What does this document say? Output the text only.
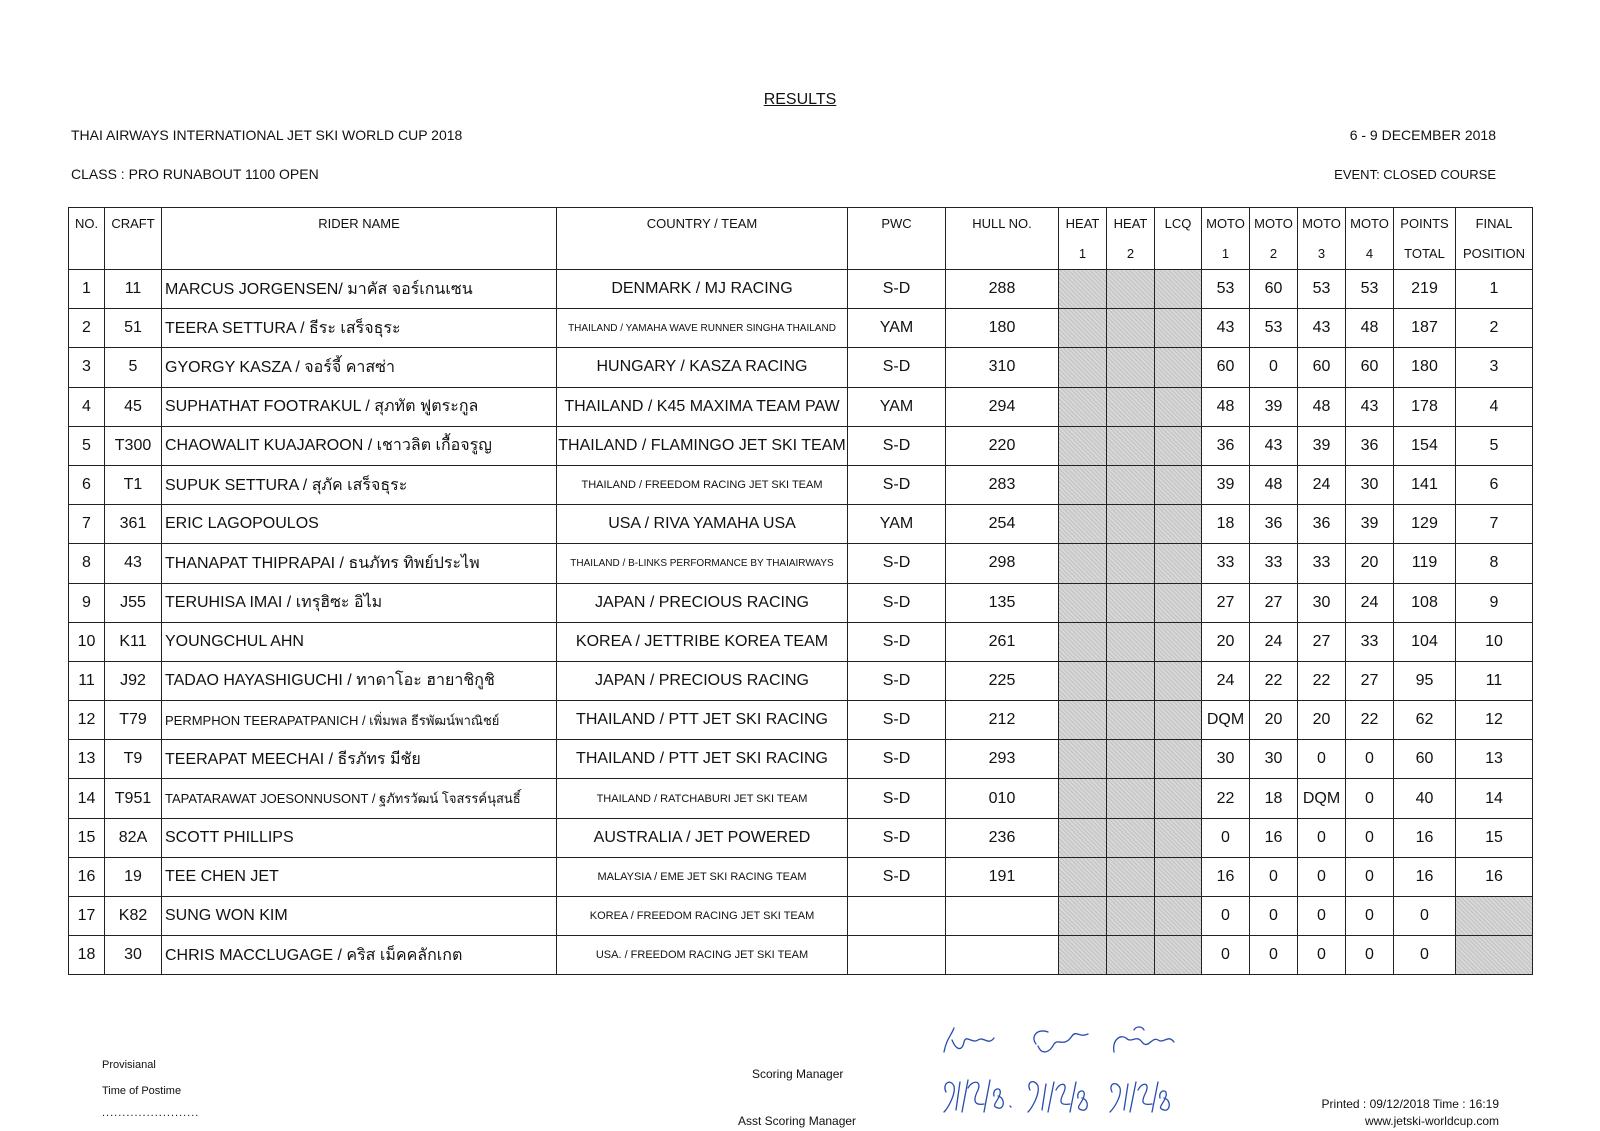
RESULTS
THAI AIRWAYS INTERNATIONAL JET SKI WORLD CUP 2018	6 - 9 DECEMBER 2018
CLASS : PRO RUNABOUT 1100 OPEN	EVENT: CLOSED COURSE
NO.	CRAFT	RIDER NAME	COUNTRY / TEAM	PWC	HULL NO.	HEAT	HEAT	LCQ	MOTO	MOTO	MOTO	MOTO	POINTS	FINAL
						1	2		1	2	3	4	TOTAL	POSITION
1	11	MARCUS JORGENSEN/ มาคัส จอร์เกนเซน	DENMARK / MJ RACING	S-D	288				53	60	53	53	219	1
2	51	TEERA SETTURA / ธีระ เสร็จธุระ	THAILAND / YAMAHA WAVE RUNNER SINGHA THAILAND	YAM	180				43	53	43	48	187	2
3	5	GYORGY KASZA / จอร์จี้ คาสซ่า	HUNGARY / KASZA RACING	S-D	310				60	0	60	60	180	3
4	45	SUPHATHAT FOOTRAKUL / สุภทัต ฟูตระกูล	THAILAND / K45 MAXIMA TEAM PAW	YAM	294				48	39	48	43	178	4
5	T300	CHAOWALIT KUAJAROON / เชาวลิต เกื้อจรูญ	THAILAND / FLAMINGO JET SKI TEAM	S-D	220				36	43	39	36	154	5
6	T1	SUPUK SETTURA / สุภัค เสร็จธุระ	THAILAND / FREEDOM RACING JET SKI TEAM	S-D	283				39	48	24	30	141	6
7	361	ERIC LAGOPOULOS	USA / RIVA YAMAHA USA	YAM	254				18	36	36	39	129	7
8	43	THANAPAT THIPRAPAI / ธนภัทร ทิพย์ประไพ	THAILAND / B-LINKS PERFORMANCE BY THAIAIRWAYS	S-D	298				33	33	33	20	119	8
9	J55	TERUHISA IMAI / เทรุฮิซะ อิไม	JAPAN / PRECIOUS RACING	S-D	135				27	27	30	24	108	9
10	K11	YOUNGCHUL AHN	KOREA / JETTRIBE KOREA TEAM	S-D	261				20	24	27	33	104	10
11	J92	TADAO HAYASHIGUCHI / ทาดาโอะ ฮายาชิกูชิ	JAPAN / PRECIOUS RACING	S-D	225				24	22	22	27	95	11
12	T79	PERMPHON TEERAPATPANICH / เพิ่มพล ธีรพัฒน์พาณิชย์	THAILAND / PTT JET SKI RACING	S-D	212				DQM	20	20	22	62	12
13	T9	TEERAPAT MEECHAI / ธีรภัทร มีชัย	THAILAND / PTT JET SKI RACING	S-D	293				30	30	0	0	60	13
14	T951	TAPATARAWAT JOESONNUSONT / ฐภัทรวัฒน์ โจสรรค์นุสนธิ์	THAILAND / RATCHABURI JET SKI TEAM	S-D	010				22	18	DQM	0	40	14
15	82A	SCOTT PHILLIPS	AUSTRALIA / JET POWERED	S-D	236				0	16	0	0	16	15
16	19	TEE CHEN JET	MALAYSIA / EME JET SKI RACING TEAM	S-D	191				16	0	0	0	16	16
17	K82	SUNG WON KIM	KOREA / FREEDOM RACING JET SKI TEAM						0	0	0	0	0	
18	30	CHRIS MACCLUGAGE / คริส เม็คคลักเกต	USA. / FREEDOM RACING JET SKI TEAM						0	0	0	0	0	
Provisianal
Time of Postime
........................
Scoring Manager
Asst Scoring Manager
Printed : 09/12/2018 Time : 16:19
www.jetski-worldcup.com
